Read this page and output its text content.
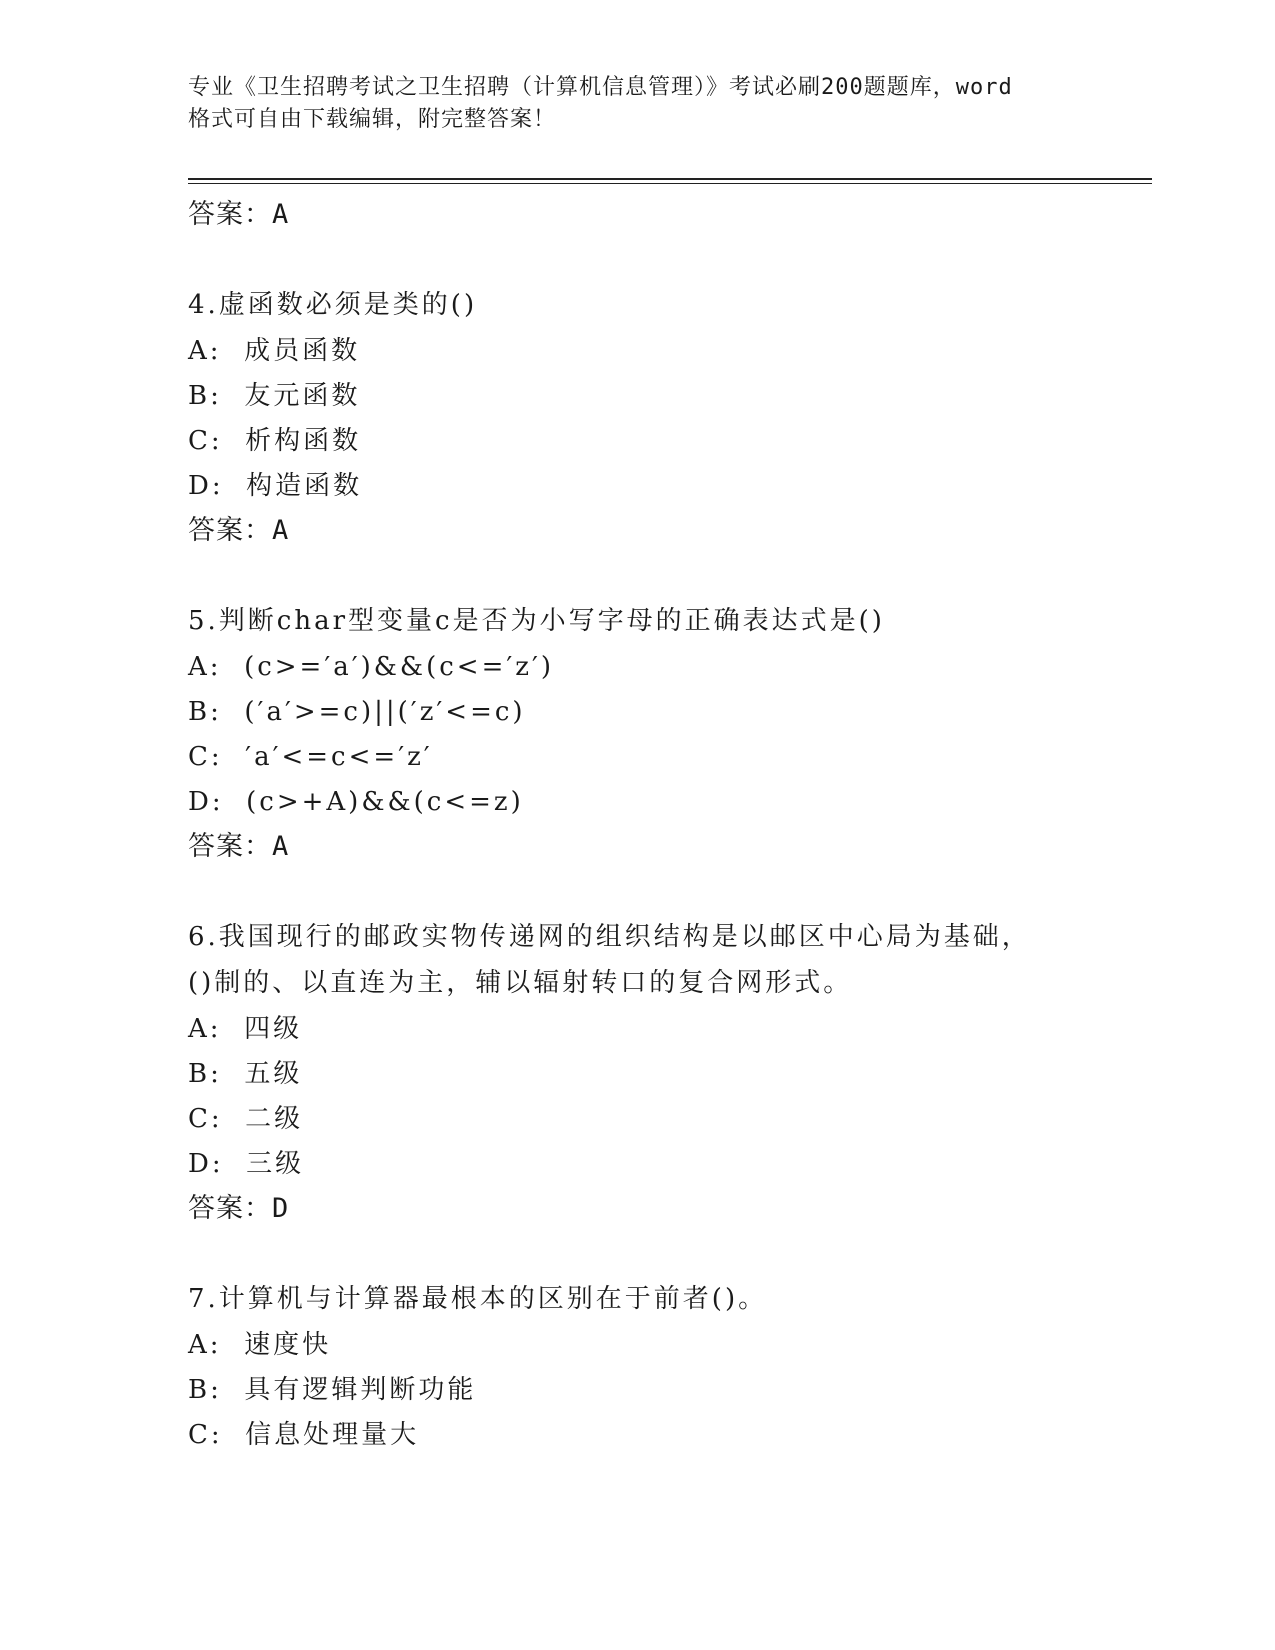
专业《卫生招聘考试之卫生招聘（计算机信息管理）》考试必刷200题题库，word
格式可自由下载编辑，附完整答案！
答案：A
4.虚函数必须是类的()
A:  成员函数
B:  友元函数
C:  析构函数
D:  构造函数
答案：A
5.判断char型变量c是否为小写字母的正确表达式是()
A:  (c>=′a′)&&(c<=′z′)
B:  (′a′>=c)||(′z′<=c)
C:  ′a′<=c<=′z′
D:  (c>+A)&&(c<=z)
答案：A
6.我国现行的邮政实物传递网的组织结构是以邮区中心局为基础，()制的、以直连为主，辅以辐射转口的复合网形式。
A:  四级
B:  五级
C:  二级
D:  三级
答案：D
7.计算机与计算器最根本的区别在于前者()。
A:  速度快
B:  具有逻辑判断功能
C:  信息处理量大
